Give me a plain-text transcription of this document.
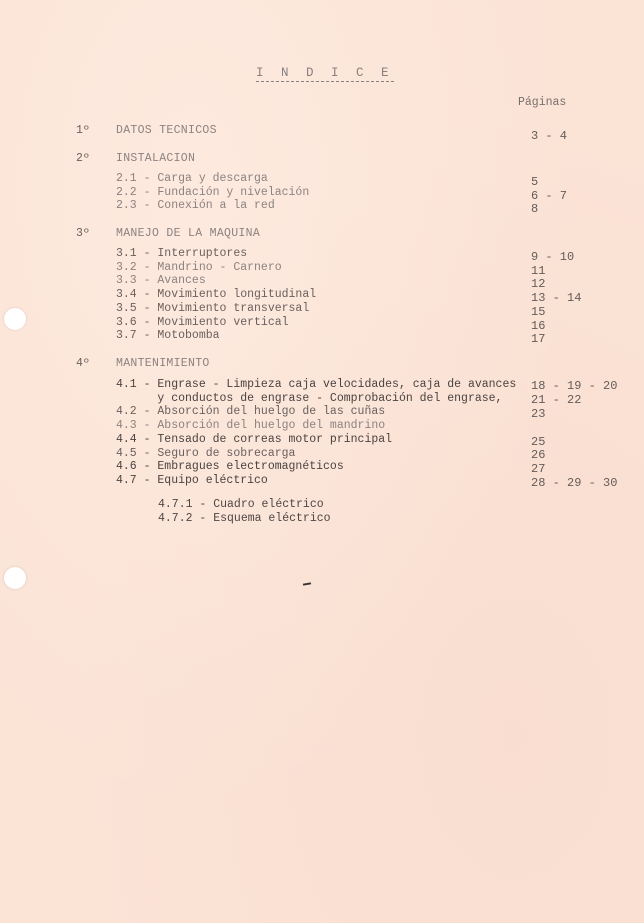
I N D I C E
Páginas
1º DATOS TECNICOS	3 - 4
2º INSTALACION
2.1 - Carga y descarga
2.2 - Fundación y nivelación
2.3 - Conexión a la red
5
6 - 7
8
3º MANEJO DE LA MAQUINA
3.1 - Interruptores
3.2 - Mandrino - Carnero
3.3 - Avances
3.4 - Movimiento longitudinal
3.5 - Movimiento transversal
3.6 - Movimiento vertical
3.7 - Motobomba
9 - 10
11
12
13 - 14
15
16
17
4º MANTENIMIENTO
4.1 - Engrase - Limpieza caja velocidades, caja de avances
y conductos de engrase - Comprobación del engrase,
4.2 - Absorción del huelgo de las cuñas
4.3 - Absorción del huelgo del mandrino
4.4 - Tensado de correas motor principal
4.5 - Seguro de sobrecarga
4.6 - Embragues electromagnéticos
4.7 - Equipo eléctrico
18 - 19 - 20
21 - 22
23
25
26
27
28 - 29 - 30
4.7.1 - Cuadro eléctrico
4.7.2 - Esquema eléctrico
